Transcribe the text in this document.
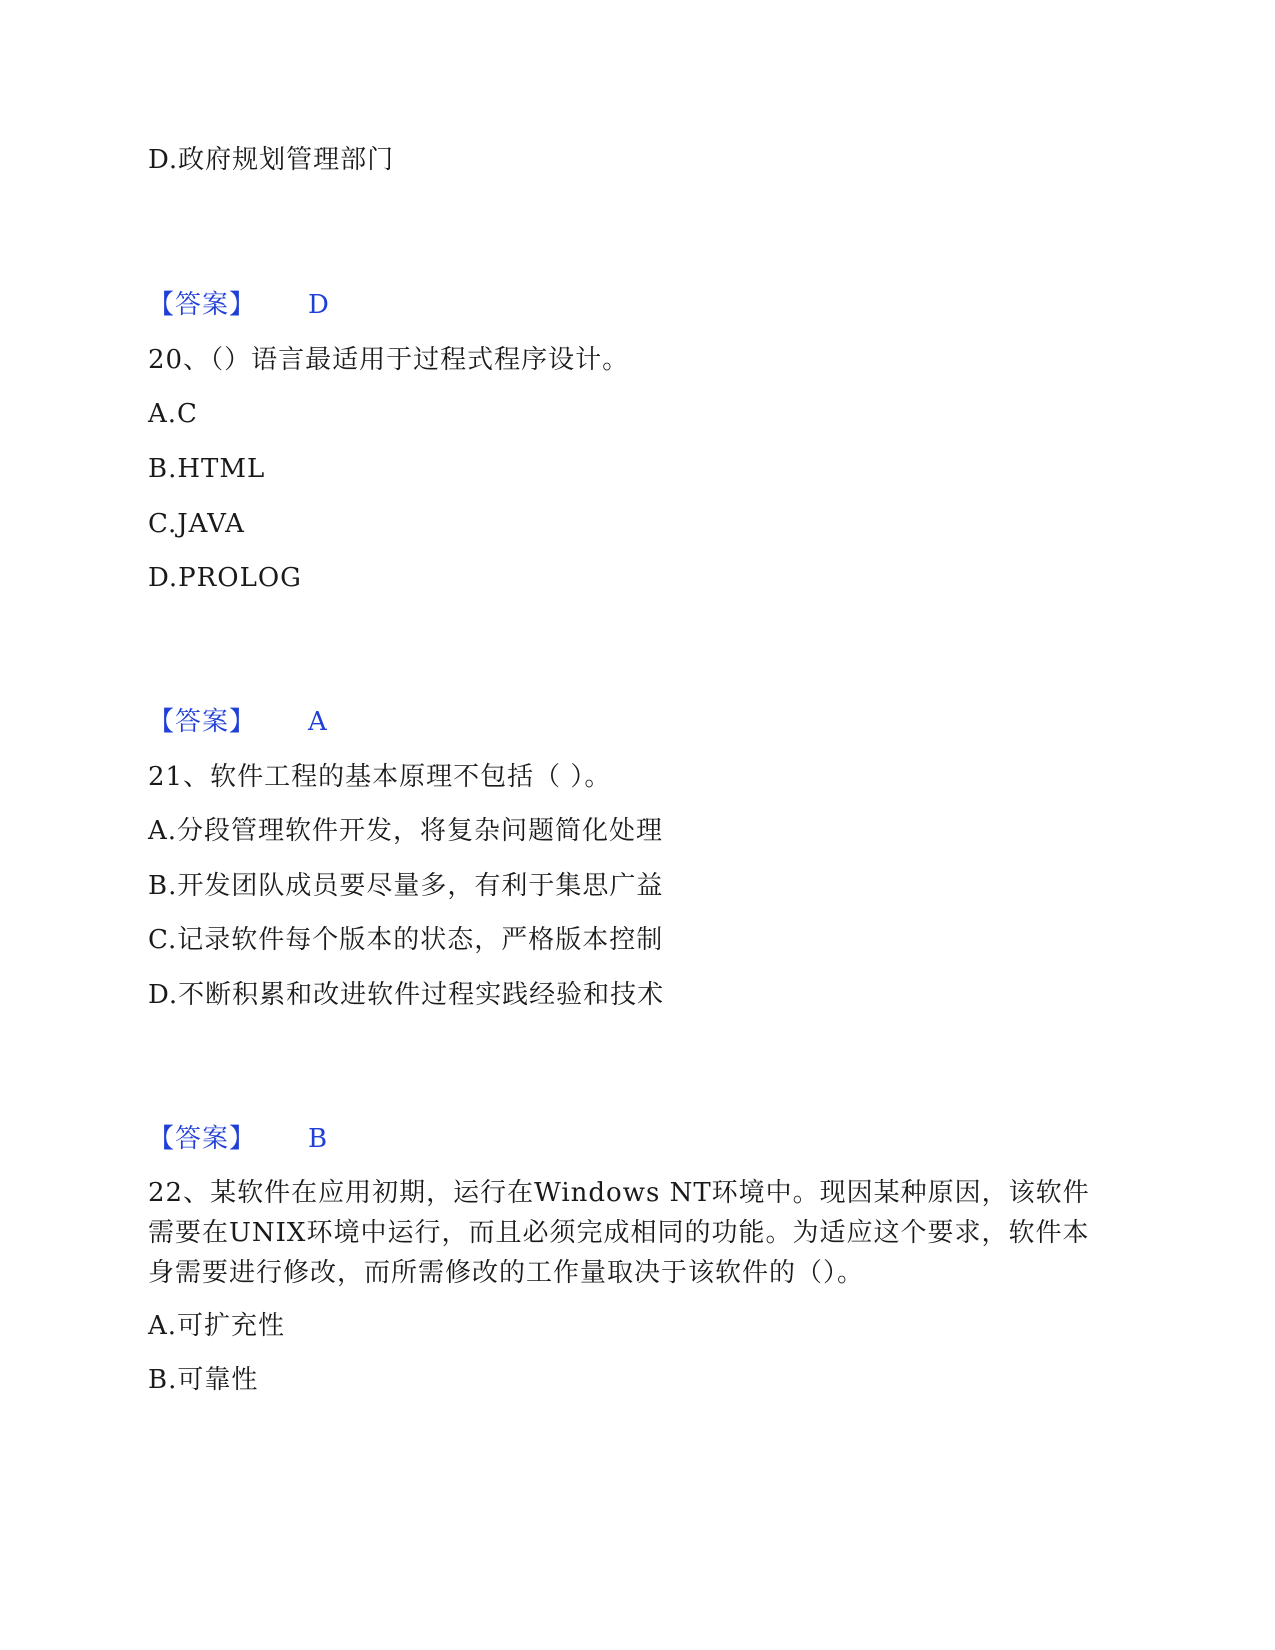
D.政府规划管理部门
【答案】 D
20、（）语言最适用于过程式程序设计。
A.C
B.HTML
C.JAVA
D.PROLOG
【答案】 A
21、软件工程的基本原理不包括（ ）。
A.分段管理软件开发，将复杂问题简化处理
B.开发团队成员要尽量多，有利于集思广益
C.记录软件每个版本的状态，严格版本控制
D.不断积累和改进软件过程实践经验和技术
【答案】 B
22、某软件在应用初期，运行在Windows NT环境中。现因某种原因，该软件需要在UNIX环境中运行，而且必须完成相同的功能。为适应这个要求，软件本身需要进行修改，而所需修改的工作量取决于该软件的（）。
A.可扩充性
B.可靠性
